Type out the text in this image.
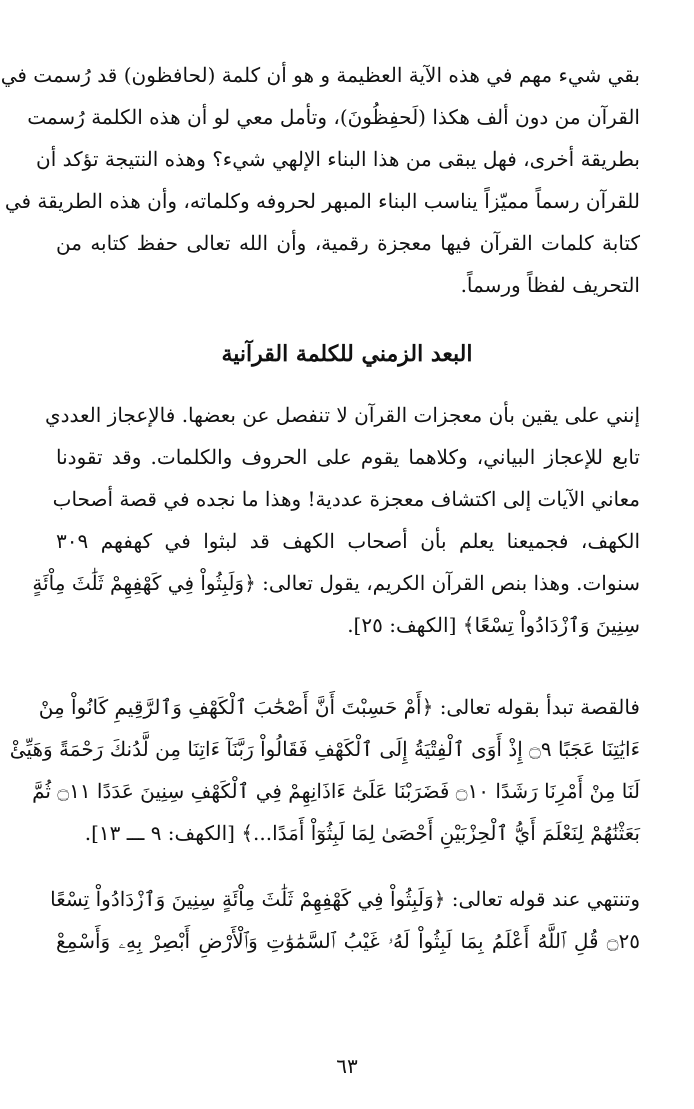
بقي شيء مهم في هذه الآية العظيمة و هو أن كلمة (لحافظون) قد رُسمت في
القرآن من دون ألف هكذا (لَحفِظُونَ)، وتأمل معي لو أن هذه الكلمة رُسمت
بطريقة أخرى، فهل يبقى من هذا البناء الإلهي شيء؟ وهذه النتيجة تؤكد أن
للقرآن رسماً مميّزاً يناسب البناء المبهر لحروفه وكلماته، وأن هذه الطريقة في
كتابة كلمات القرآن فيها معجزة رقمية، وأن الله تعالى حفظ كتابه من
التحريف لفظاً ورسماً.
البعد الزمني للكلمة القرآنية
إنني على يقين بأن معجزات القرآن لا تنفصل عن بعضها. فالإعجاز العددي
تابع للإعجاز البياني، وكلاهما يقوم على الحروف والكلمات. وقد تقودنا
معاني الآيات إلى اكتشاف معجزة عددية! وهذا ما نجده في قصة أصحاب
الكهف، فجميعنا يعلم بأن أصحاب الكهف قد لبثوا في كهفهم ٣٠٩
سنوات. وهذا بنص القرآن الكريم، يقول تعالى: ﴿وَلَبِثُواْ فِي كَهْفِهِمْ ثَلَٰثَ مِاْئَةٍ
سِنِينَ وَٱزْدَادُواْ تِسْعًا﴾ [الكهف: ٢٥].
فالقصة تبدأ بقوله تعالى: ﴿أَمْ حَسِبْتَ أَنَّ أَصْحَٰبَ ٱلْكَهْفِ وَٱلرَّقِيمِ كَانُواْ مِنْ
ءَايَٰتِنَا عَجَبًا ۝٩ إِذْ أَوَى ٱلْفِتْيَةُ إِلَى ٱلْكَهْفِ فَقَالُواْ رَبَّنَآ ءَاتِنَا مِن لَّدُنكَ رَحْمَةً وَهَيِّئْ
لَنَا مِنْ أَمْرِنَا رَشَدًا ۝١٠ فَضَرَبْنَا عَلَىٰٓ ءَاذَانِهِمْ فِي ٱلْكَهْفِ سِنِينَ عَدَدًا ۝١١ ثُمَّ
بَعَثْنَٰهُمْ لِنَعْلَمَ أَيُّ ٱلْحِزْبَيْنِ أَحْصَىٰ لِمَا لَبِثُوٓاْ أَمَدًا...﴾ [الكهف: ٩ ـــ ١٣].
وتنتهي عند قوله تعالى: ﴿وَلَبِثُواْ فِي كَهْفِهِمْ ثَلَٰثَ مِاْئَةٍ سِنِينَ وَٱزْدَادُواْ تِسْعًا
۝٢٥ قُلِ ٱللَّهُ أَعْلَمُ بِمَا لَبِثُواْ لَهُۥ غَيْبُ ٱلسَّمَٰوَٰتِ وَٱلْأَرْضِ أَبْصِرْ بِهِۦ وَأَسْمِعْ
٦٣
